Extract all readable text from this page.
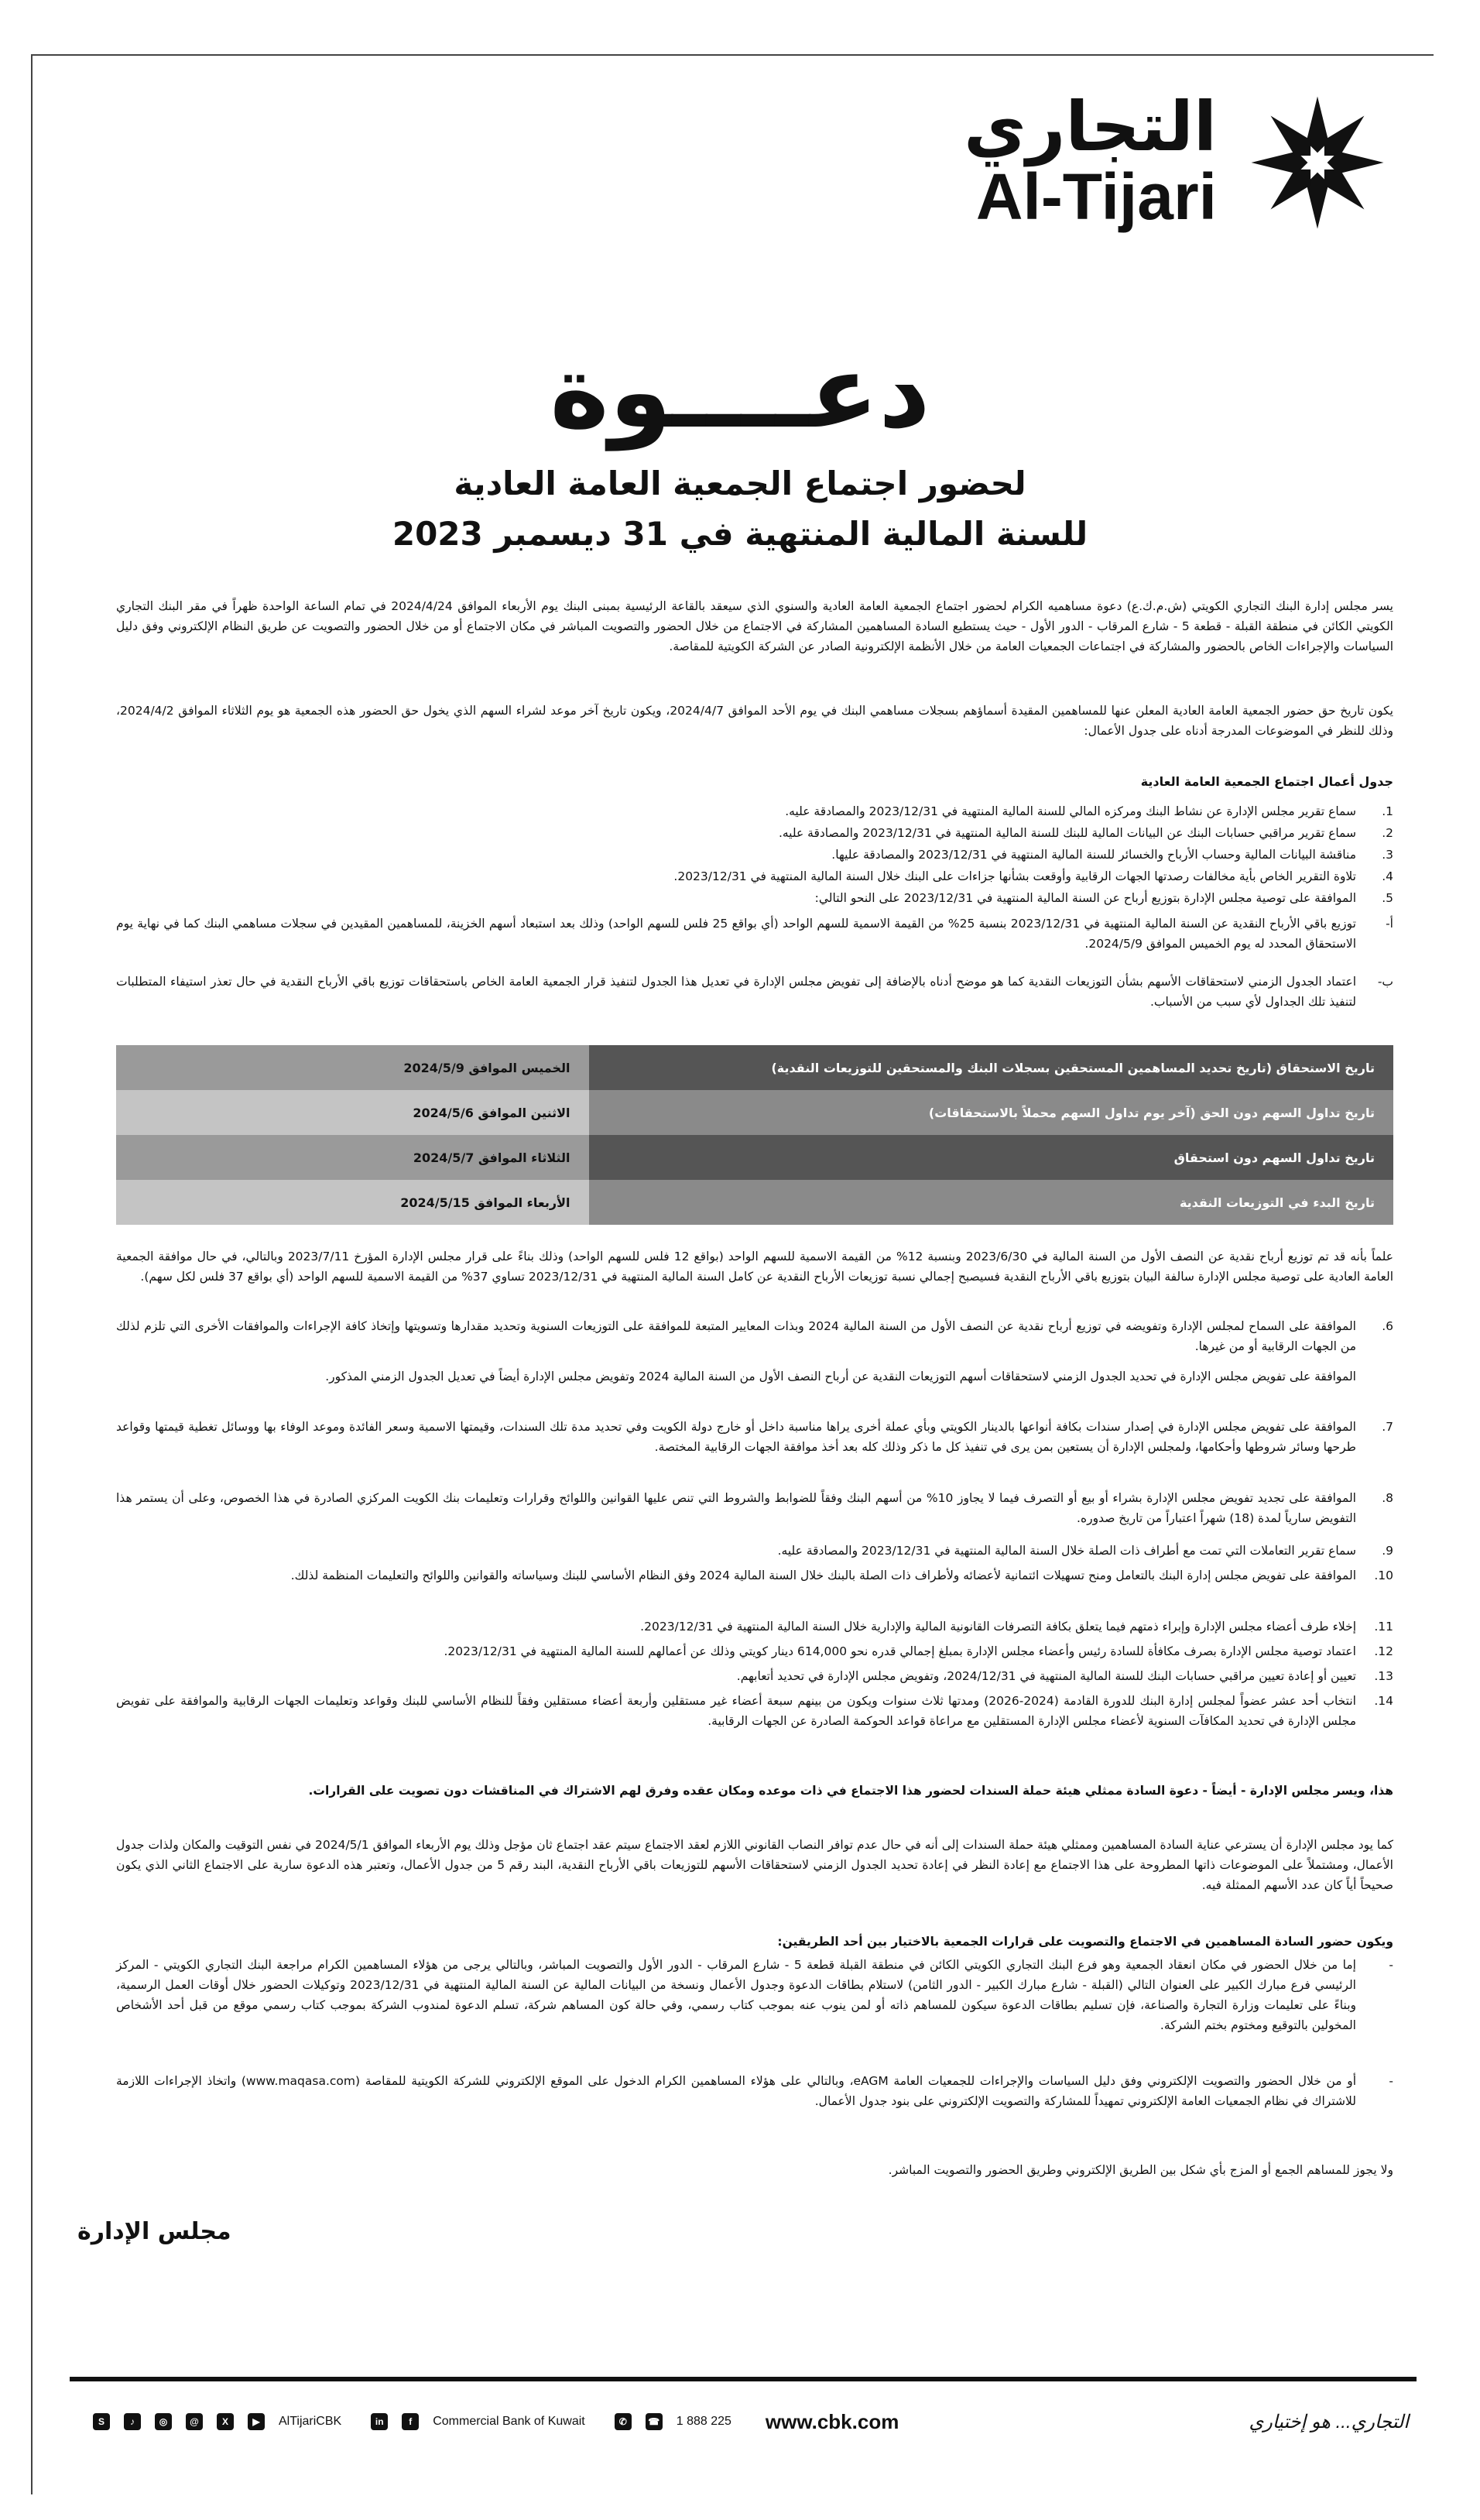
التجاري
Al-Tijari
دعــــوة
لحضور اجتماع الجمعية العامة العادية
للسنة المالية المنتهية في 31 ديسمبر 2023
يسر مجلس إدارة البنك التجاري الكويتي (ش.م.ك.ع) دعوة مساهميه الكرام لحضور اجتماع الجمعية العامة العادية والسنوي الذي سيعقد بالقاعة الرئيسية بمبنى البنك يوم الأربعاء الموافق 2024/4/24 في تمام الساعة الواحدة ظهراً في مقر البنك التجاري الكويتي الكائن في منطقة القبلة - قطعة 5 - شارع المرقاب - الدور الأول - حيث يستطيع السادة المساهمين المشاركة في الاجتماع من خلال الحضور والتصويت المباشر في مكان الاجتماع أو من خلال الحضور والتصويت عن طريق النظام الإلكتروني وفق دليل السياسات والإجراءات الخاص بالحضور والمشاركة في اجتماعات الجمعيات العامة من خلال الأنظمة الإلكترونية الصادر عن الشركة الكويتية للمقاصة.
يكون تاريخ حق حضور الجمعية العامة العادية المعلن عنها للمساهمين المقيدة أسماؤهم بسجلات مساهمي البنك في يوم الأحد الموافق 2024/4/7، ويكون تاريخ آخر موعد لشراء السهم الذي يخول حق الحضور هذه الجمعية هو يوم الثلاثاء الموافق 2024/4/2، وذلك للنظر في الموضوعات المدرجة أدناه على جدول الأعمال:
جدول أعمال اجتماع الجمعية العامة العادية
1.
سماع تقرير مجلس الإدارة عن نشاط البنك ومركزه المالي للسنة المالية المنتهية في 2023/12/31 والمصادقة عليه.
2.
سماع تقرير مراقبي حسابات البنك عن البيانات المالية للبنك للسنة المالية المنتهية في 2023/12/31 والمصادقة عليه.
3.
مناقشة البيانات المالية وحساب الأرباح والخسائر للسنة المالية المنتهية في 2023/12/31 والمصادقة عليها.
4.
تلاوة التقرير الخاص بأية مخالفات رصدتها الجهات الرقابية وأوقعت بشأنها جزاءات على البنك خلال السنة المالية المنتهية في 2023/12/31.
5.
الموافقة على توصية مجلس الإدارة بتوزيع أرباح عن السنة المالية المنتهية في 2023/12/31 على النحو التالي:
أ-
توزيع باقي الأرباح النقدية عن السنة المالية المنتهية في 2023/12/31 بنسبة 25% من القيمة الاسمية للسهم الواحد (أي بواقع 25 فلس للسهم الواحد) وذلك بعد استبعاد أسهم الخزينة، للمساهمين المقيدين في سجلات مساهمي البنك كما في نهاية يوم الاستحقاق المحدد له يوم الخميس الموافق 2024/5/9.
ب-
اعتماد الجدول الزمني لاستحقاقات الأسهم بشأن التوزيعات النقدية كما هو موضح أدناه بالإضافة إلى تفويض مجلس الإدارة في تعديل هذا الجدول لتنفيذ قرار الجمعية العامة الخاص باستحقاقات توزيع باقي الأرباح النقدية في حال تعذر استيفاء المتطلبات لتنفيذ تلك الجداول لأي سبب من الأسباب.
تاريخ الاستحقاق (تاريخ تحديد المساهمين المستحقين بسجلات البنك والمستحقين للتوزيعات النقدية)	الخميس الموافق 2024/5/9
تاريخ تداول السهم دون الحق (آخر يوم تداول السهم محملاً بالاستحقاقات)	الاثنين الموافق 2024/5/6
تاريخ تداول السهم دون استحقاق	الثلاثاء الموافق 2024/5/7
تاريخ البدء في التوزيعات النقدية	الأربعاء الموافق 2024/5/15
علماً بأنه قد تم توزيع أرباح نقدية عن النصف الأول من السنة المالية في 2023/6/30 وبنسبة 12% من القيمة الاسمية للسهم الواحد (بواقع 12 فلس للسهم الواحد) وذلك بناءً على قرار مجلس الإدارة المؤرخ 2023/7/11 وبالتالي، في حال موافقة الجمعية العامة العادية على توصية مجلس الإدارة سالفة البيان بتوزيع باقي الأرباح النقدية فسيصبح إجمالي نسبة توزيعات الأرباح النقدية عن كامل السنة المالية المنتهية في 2023/12/31 تساوي 37% من القيمة الاسمية للسهم الواحد (أي بواقع 37 فلس لكل سهم).
6.
الموافقة على السماح لمجلس الإدارة وتفويضه في توزيع أرباح نقدية عن النصف الأول من السنة المالية 2024 وبذات المعايير المتبعة للموافقة على التوزيعات السنوية وتحديد مقدارها وتسويتها وإتخاذ كافة الإجراءات والموافقات الأخرى التي تلزم لذلك من الجهات الرقابية أو من غيرها.
الموافقة على تفويض مجلس الإدارة في تحديد الجدول الزمني لاستحقاقات أسهم التوزيعات النقدية عن أرباح النصف الأول من السنة المالية 2024 وتفويض مجلس الإدارة أيضاً في تعديل الجدول الزمني المذكور.
7.
الموافقة على تفويض مجلس الإدارة في إصدار سندات بكافة أنواعها بالدينار الكويتي وبأي عملة أخرى يراها مناسبة داخل أو خارج دولة الكويت وفي تحديد مدة تلك السندات، وقيمتها الاسمية وسعر الفائدة وموعد الوفاء بها ووسائل تغطية قيمتها وقواعد طرحها وسائر شروطها وأحكامها، ولمجلس الإدارة أن يستعين بمن يرى في تنفيذ كل ما ذكر وذلك كله بعد أخذ موافقة الجهات الرقابية المختصة.
8.
الموافقة على تجديد تفويض مجلس الإدارة بشراء أو بيع أو التصرف فيما لا يجاوز 10% من أسهم البنك وفقاً للضوابط والشروط التي تنص عليها القوانين واللوائح وقرارات وتعليمات بنك الكويت المركزي الصادرة في هذا الخصوص، وعلى أن يستمر هذا التفويض سارياً لمدة (18) شهراً اعتباراً من تاريخ صدوره.
9.
سماع تقرير التعاملات التي تمت مع أطراف ذات الصلة خلال السنة المالية المنتهية في 2023/12/31 والمصادقة عليه.
10.
الموافقة على تفويض مجلس إدارة البنك بالتعامل ومنح تسهيلات ائتمانية لأعضائه ولأطراف ذات الصلة بالبنك خلال السنة المالية 2024 وفق النظام الأساسي للبنك وسياساته والقوانين واللوائح والتعليمات المنظمة لذلك.
11.
إخلاء طرف أعضاء مجلس الإدارة وإبراء ذمتهم فيما يتعلق بكافة التصرفات القانونية المالية والإدارية خلال السنة المالية المنتهية في 2023/12/31.
12.
اعتماد توصية مجلس الإدارة بصرف مكافأة للسادة رئيس وأعضاء مجلس الإدارة بمبلغ إجمالي قدره نحو 614,000 دينار كويتي وذلك عن أعمالهم للسنة المالية المنتهية في 2023/12/31.
13.
تعيين أو إعادة تعيين مراقبي حسابات البنك للسنة المالية المنتهية في 2024/12/31، وتفويض مجلس الإدارة في تحديد أتعابهم.
14.
انتخاب أحد عشر عضواً لمجلس إدارة البنك للدورة القادمة (2024-2026) ومدتها ثلاث سنوات ويكون من بينهم سبعة أعضاء غير مستقلين وأربعة أعضاء مستقلين وفقاً للنظام الأساسي للبنك وقواعد وتعليمات الجهات الرقابية والموافقة على تفويض مجلس الإدارة في تحديد المكافآت السنوية لأعضاء مجلس الإدارة المستقلين مع مراعاة قواعد الحوكمة الصادرة عن الجهات الرقابية.
هذا، ويسر مجلس الإدارة - أيضاً - دعوة السادة ممثلي هيئة حملة السندات لحضور هذا الاجتماع في ذات موعده ومكان عقده وفرق لهم الاشتراك في المناقشات دون تصويت على القرارات.
كما يود مجلس الإدارة أن يسترعي عناية السادة المساهمين وممثلي هيئة حملة السندات إلى أنه في حال عدم توافر النصاب القانوني اللازم لعقد الاجتماع سيتم عقد اجتماع ثان مؤجل وذلك يوم الأربعاء الموافق 2024/5/1 في نفس التوقيت والمكان ولذات جدول الأعمال، ومشتملاً على الموضوعات ذاتها المطروحة على هذا الاجتماع مع إعادة النظر في إعادة تحديد الجدول الزمني لاستحقاقات الأسهم للتوزيعات باقي الأرباح النقدية، البند رقم 5 من جدول الأعمال، وتعتبر هذه الدعوة سارية على الاجتماع الثاني الذي يكون صحيحاً أياً كان عدد الأسهم الممثلة فيه.
ويكون حضور السادة المساهمين في الاجتماع والتصويت على قرارات الجمعية بالاختيار بين أحد الطريقين:
-
إما من خلال الحضور في مكان انعقاد الجمعية وهو فرع البنك التجاري الكويتي الكائن في منطقة القبلة قطعة 5 - شارع المرقاب - الدور الأول والتصويت المباشر، وبالتالي يرجى من هؤلاء المساهمين الكرام مراجعة البنك التجاري الكويتي - المركز الرئيسي فرع مبارك الكبير على العنوان التالي (القبلة - شارع مبارك الكبير - الدور الثامن) لاستلام بطاقات الدعوة وجدول الأعمال ونسخة من البيانات المالية عن السنة المالية المنتهية في 2023/12/31 وتوكيلات الحضور خلال أوقات العمل الرسمية، وبناءً على تعليمات وزارة التجارة والصناعة، فإن تسليم بطاقات الدعوة سيكون للمساهم ذاته أو لمن ينوب عنه بموجب كتاب رسمي، وفي حالة كون المساهم شركة، تسلم الدعوة لمندوب الشركة بموجب كتاب رسمي موقع من قبل أحد الأشخاص المخولين بالتوقيع ومختوم بختم الشركة.
-
أو من خلال الحضور والتصويت الإلكتروني وفق دليل السياسات والإجراءات للجمعيات العامة eAGM، وبالتالي على هؤلاء المساهمين الكرام الدخول على الموقع الإلكتروني للشركة الكويتية للمقاصة (www.maqasa.com) واتخاذ الإجراءات اللازمة للاشتراك في نظام الجمعيات العامة الإلكتروني تمهيداً للمشاركة والتصويت الإلكتروني على بنود جدول الأعمال.
ولا يجوز للمساهم الجمع أو المزج بأي شكل بين الطريق الإلكتروني وطريق الحضور والتصويت المباشر.
مجلس الإدارة
S	♪	◎	@	X	▶	AlTijariCBK	in	f	Commercial Bank of Kuwait	✆	☎ 1 888 225 www.cbk.com	التجاري... هو إختياري
